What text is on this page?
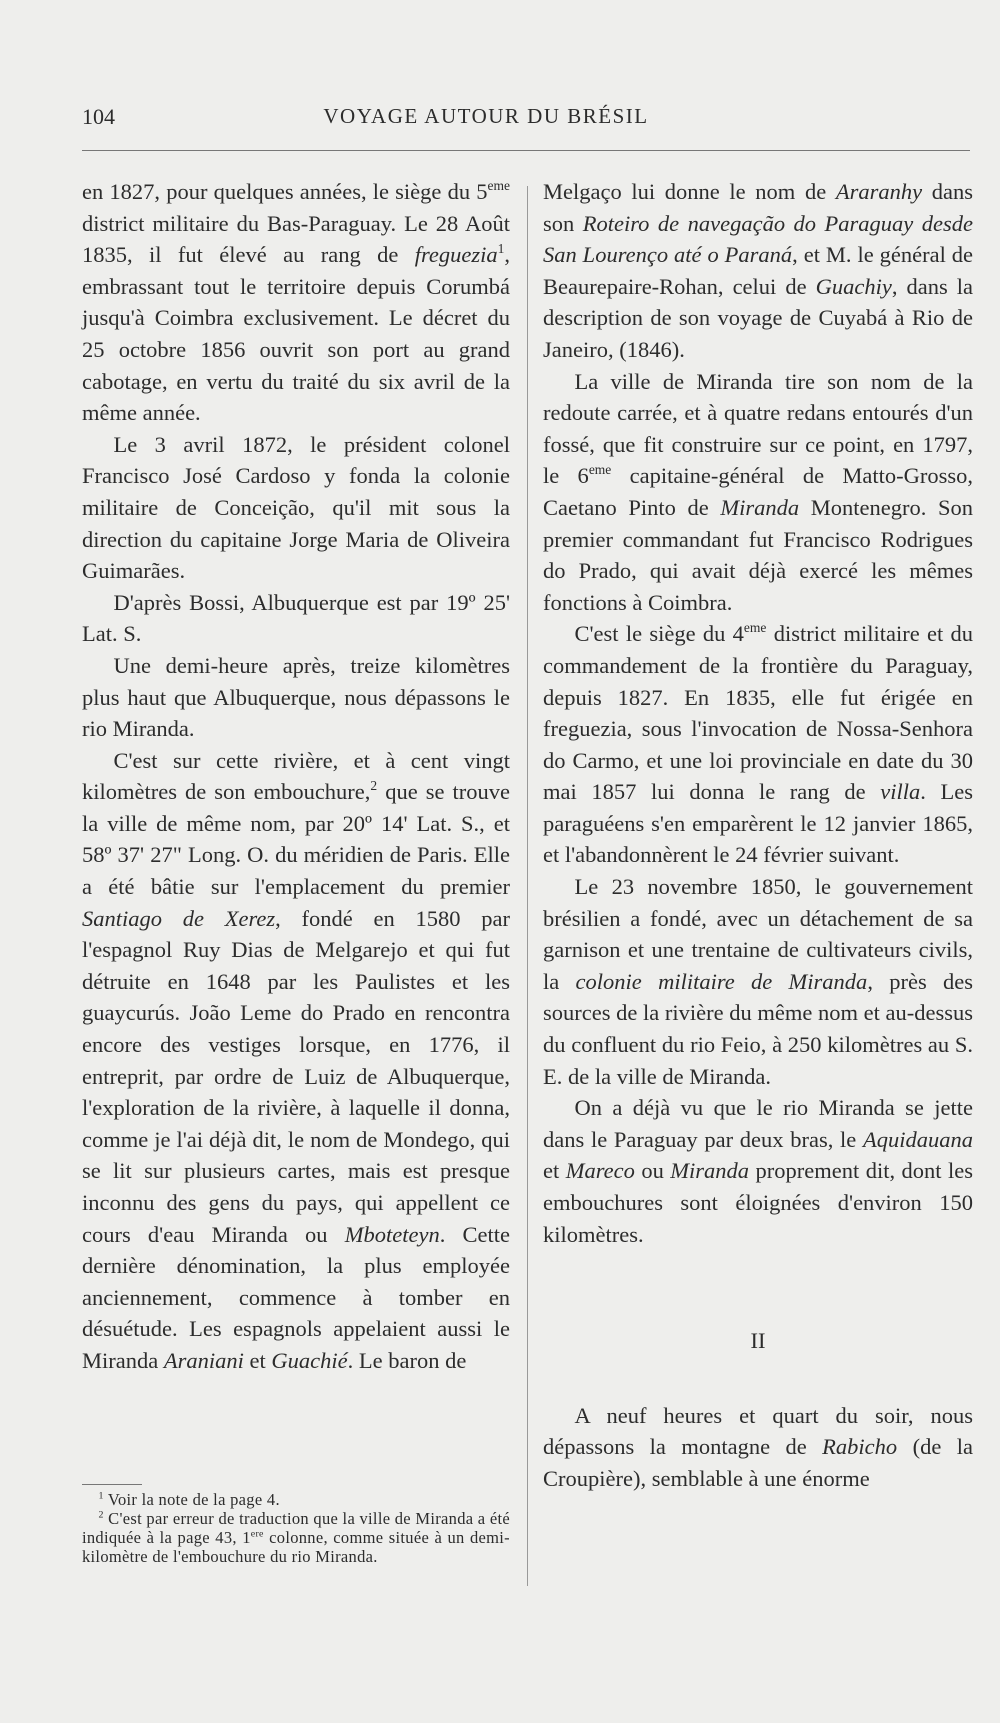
104	VOYAGE AUTOUR DU BRÉSIL

en 1827, pour quelques années, le siège du 5eme district militaire du Bas-Paraguay. Le 28 Août 1835, il fut élevé au rang de freguezia$^1$, embrassant tout le territoire depuis Corumbá jusqu'à Coimbra exclusivement. Le décret du 25 octobre 1856 ouvrit son port au grand cabotage, en vertu du traité du six avril de la même année.

Le 3 avril 1872, le président colonel Francisco José Cardoso y fonda la colonie militaire de Conceição, qu'il mit sous la direction du capitaine Jorge Maria de Oliveira Guimarães.

D'après Bossi, Albuquerque est par 19º 25' Lat. S.

Une demi-heure après, treize kilomètres plus haut que Albuquerque, nous dépassons le rio Miranda.

C'est sur cette rivière, et à cent vingt kilomètres de son embouchure,$^2$ que se trouve la ville de même nom, par 20º 14' Lat. S., et 58º 37' 27" Long. O. du méridien de Paris. Elle a été bâtie sur l'emplacement du premier Santiago de Xerez, fondé en 1580 par l'espagnol Ruy Dias de Melgarejo et qui fut détruite en 1648 par les Paulistes et les guaycurús. João Leme do Prado en rencontra encore des vestiges lorsque, en 1776, il entreprit, par ordre de Luiz de Albuquerque, l'exploration de la rivière, à laquelle il donna, comme je l'ai déjà dit, le nom de Mondego, qui se lit sur plusieurs cartes, mais est presque inconnu des gens du pays, qui appellent ce cours d'eau Miranda ou Mboteteyn. Cette dernière dénomination, la plus employée anciennement, commence à tomber en désuétude. Les espagnols appelaient aussi le Miranda Araniani et Guachié. Le baron de

Melgaço lui donne le nom de Araranhy dans son Roteiro de navegação do Paraguay desde San Lourenço até o Paraná, et M. le général de Beaurepaire-Rohan, celui de Guachiy, dans la description de son voyage de Cuyabá à Rio de Janeiro, (1846).

La ville de Miranda tire son nom de la redoute carrée, et à quatre redans entourés d'un fossé, que fit construire sur ce point, en 1797, le 6eme capitaine-général de Matto-Grosso, Caetano Pinto de Miranda Montenegro. Son premier commandant fut Francisco Rodrigues do Prado, qui avait déjà exercé les mêmes fonctions à Coimbra.

C'est le siège du 4eme district militaire et du commandement de la frontière du Paraguay, depuis 1827. En 1835, elle fut érigée en freguezia, sous l'invocation de Nossa-Senhora do Carmo, et une loi provinciale en date du 30 mai 1857 lui donna le rang de villa. Les paraguéens s'en emparèrent le 12 janvier 1865, et l'abandonnèrent le 24 février suivant.

Le 23 novembre 1850, le gouvernement brésilien a fondé, avec un détachement de sa garnison et une trentaine de cultivateurs civils, la colonie militaire de Miranda, près des sources de la rivière du même nom et au-dessus du confluent du rio Feio, à 250 kilomètres au S. E. de la ville de Miranda.

On a déjà vu que le rio Miranda se jette dans le Paraguay par deux bras, le Aquidauana et Mareco ou Miranda proprement dit, dont les embouchures sont éloignées d'environ 150 kilomètres.

II

A neuf heures et quart du soir, nous dépassons la montagne de Rabicho (de la Croupière), semblable à une énorme

$^1$ Voir la note de la page 4.

$^2$ C'est par erreur de traduction que la ville de Miranda a été indiquée à la page 43, 1ere colonne, comme située à un demi-kilomètre de l'embouchure du rio Miranda.
